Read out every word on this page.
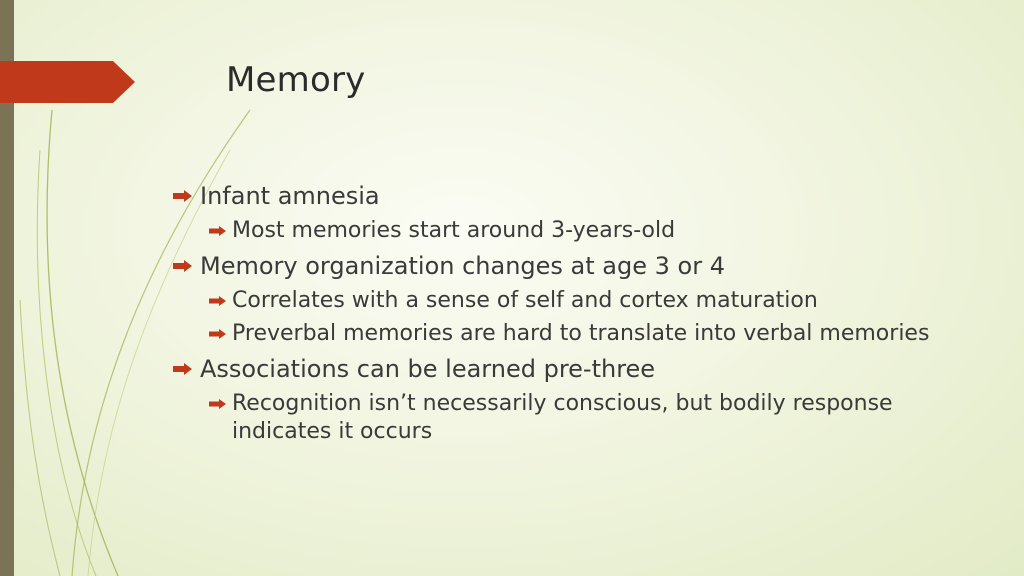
Memory
Infant amnesia
Most memories start around 3-years-old
Memory organization changes at age 3 or 4
Correlates with a sense of self and cortex maturation
Preverbal memories are hard to translate into verbal memories
Associations can be learned pre-three
Recognition isn’t necessarily conscious, but bodily response indicates it occurs
